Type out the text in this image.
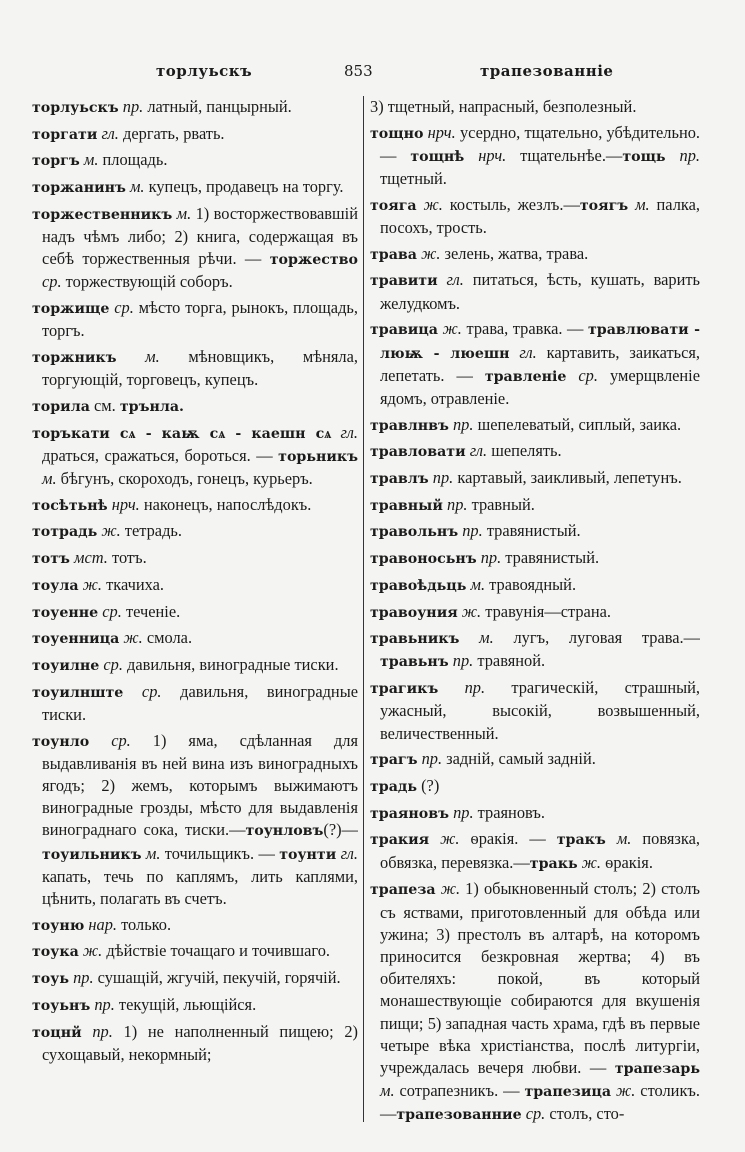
торлуьскъ	853	трапезованніе

торлуьскъ пр. латный, панцырный.

торгати гл. дергать, рвать.

торгъ м. площадь.

торжанинъ м. купецъ, продавецъ на торгу.

торжественникъ м. 1) восторжествовавшій надъ чѣмъ либо; 2) книга, содержащая въ себѣ торжественныя рѣчи. — торжество ср. торжествующій соборъ.

торжище ср. мѣсто торга, рынокъ, площадь, торгъ.

торжникъ м. мѣновщикъ, мѣняла, торгующій, торговецъ, купецъ.

торила см. трънла.

торъкати сѧ - каѭ сѧ - каешн сѧ гл. драться, сражаться, бороться. — торьникъ м. бѣгунъ, скороходъ, гонецъ, курьеръ.

тосѣтьнѣ нрч. наконецъ, напослѣдокъ.

тотрадь ж. тетрадь.

тотъ мст. тотъ.

тоула ж. ткачиха.

тоуенне ср. теченіе.

тоуенница ж. смола.

тоуилне ср. давильня, виноградные тиски.

тоуилнште ср. давильня, виноградные тиски.

тоунло ср. 1) яма, сдѣланная для выдавливанія въ ней вина изъ виноградныхъ ягодъ; 2) жемъ, которымъ выжимаютъ виноградные грозды, мѣсто для выдавленія винограднаго сока, тиски.—тоунловъ(?)—тоуильникъ м. точильщикъ. — тоунти гл. капать, течь по каплямъ, лить каплями, цѣнить, полагать въ счетъ.

тоуню нар. только.

тоука ж. дѣйствіе точащаго и точившаго.

тоуь пр. сушащій, жгучій, пекучій, горячій.

тоуьнъ пр. текущій, льющійся.

тоцнй пр. 1) не наполненный пищею; 2) сухощавый, некормный;

3) тщетный, напрасный, безполезный.

тощно нрч. усердно, тщательно, убѣдительно. — тощнѣ нрч. тщательнѣе.—тощь пр. тщетный.

тояга ж. костыль, жезлъ.—тоягъ м. палка, посохъ, трость.

трава ж. зелень, жатва, трава.

травити гл. питаться, ѣсть, кушать, варить желудкомъ.

травица ж. трава, травка. — травлювати - люѭ - люешн гл. картавить, заикаться, лепетать. — травленіе ср. умерщвленіе ядомъ, отравленіе.

травлнвъ пр. шепелеватый, сиплый, заика.

травловати гл. шепелять.

травлъ пр. картавый, заикливый, лепетунъ.

травный пр. травный.

травольнъ пр. травянистый.

травоносьнъ пр. травянистый.

травоѣдьць м. травоядный.

травоуния ж. травунія—страна.

травьникъ м. лугъ, луговая трава.— травьнъ пр. травяной.

трагикъ пр. трагическій, страшный, ужасный, высокій, возвышенный, величественный.

трагъ пр. задній, самый задній.

традь (?)

траяновъ пр. траяновъ.

тракия ж. ѳракія. — тракъ м. повязка, обвязка, перевязка.—тракь ж. ѳракія.

трапеза ж. 1) обыкновенный столъ; 2) столъ съ яствами, приготовленный для обѣда или ужина; 3) престолъ въ алтарѣ, на которомъ приносится безкровная жертва; 4) въ обителяхъ: покой, въ который монашествующіе собираются для вкушенія пищи; 5) западная часть храма, гдѣ въ первые четыре вѣка христіанства, послѣ литургіи, учреждалась вечеря любви. — трапезарь м. сотрапезникъ. — трапезица ж. столикъ.—трапезованние ср. столъ, сто-
